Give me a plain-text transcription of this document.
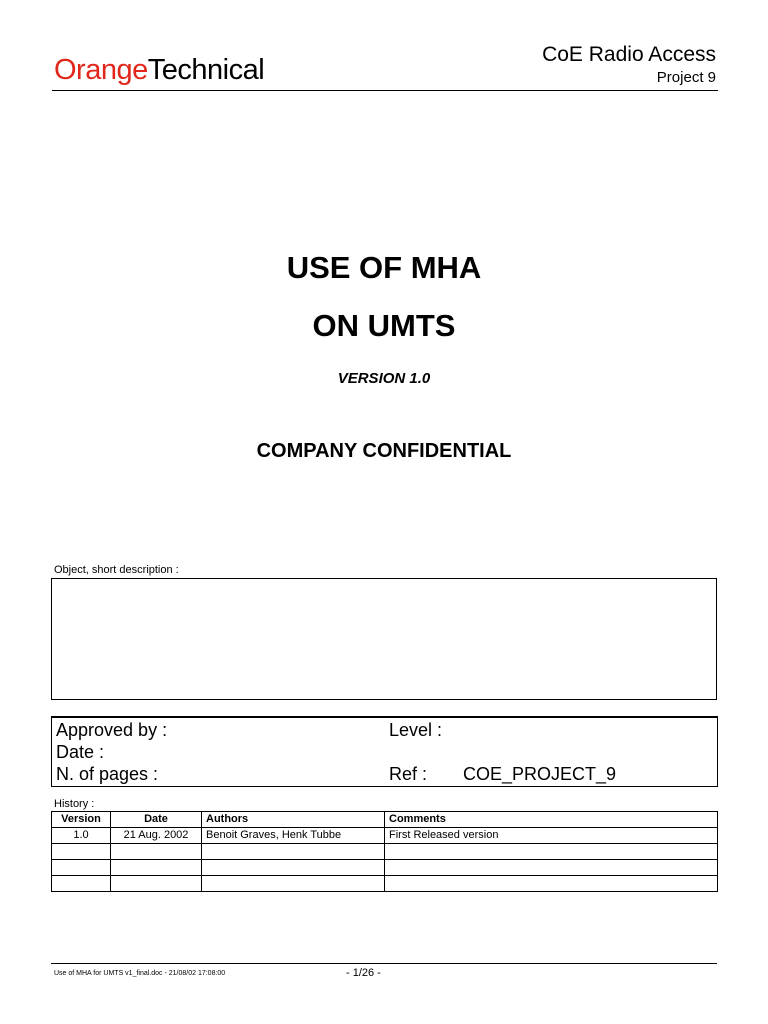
OrangeTechnical	CoE Radio Access
Project 9
USE OF MHA
ON UMTS
VERSION 1.0
COMPANY CONFIDENTIAL
Object, short description :
Approved by :	Level :
Date :
N. of pages :	Ref : COE_PROJECT_9
History :
Version	Date	Authors	Comments
1.0	21 Aug. 2002	Benoit Graves, Henk Tubbe	First Released version

Use of MHA for UMTS v1_final.doc - 21/08/02 17:08:00	- 1/26 -
